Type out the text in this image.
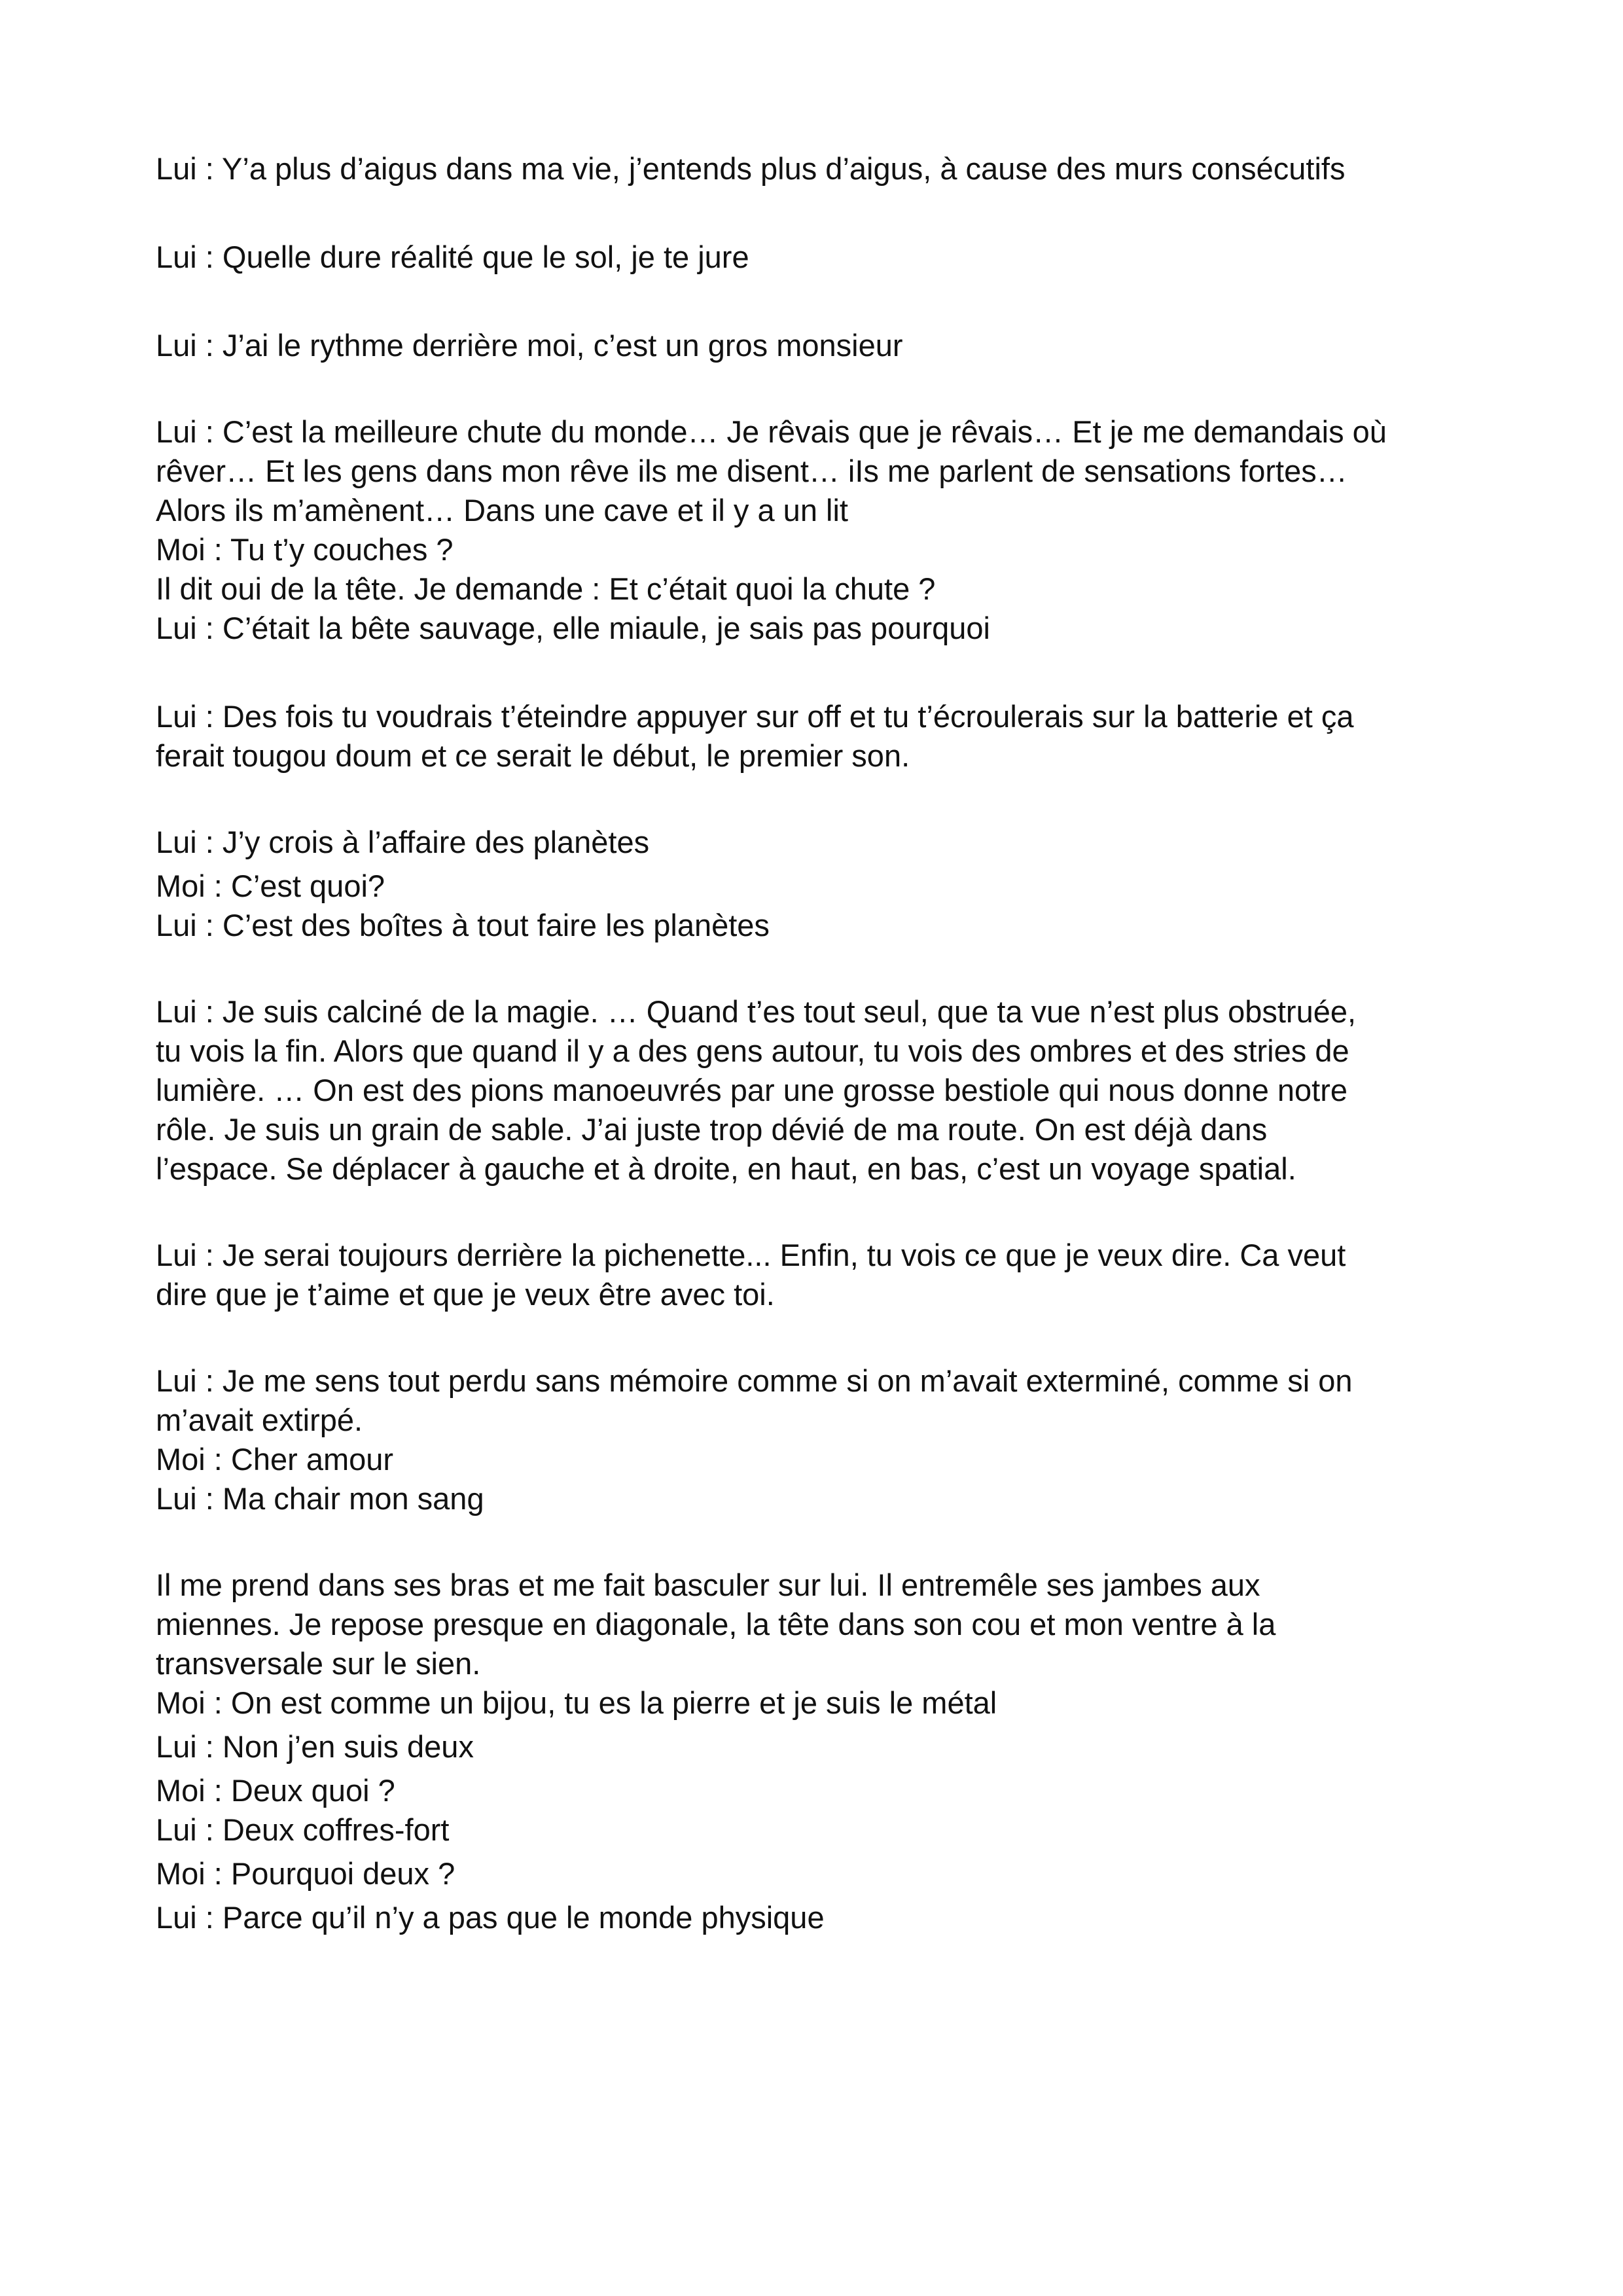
Lui : Y’a plus d’aigus dans ma vie, j’entends plus d’aigus, à cause des murs consécutifs
Lui : Quelle dure réalité que le sol, je te jure
Lui : J’ai le rythme derrière moi, c’est un gros monsieur
Lui : C’est la meilleure chute du monde… Je rêvais que je rêvais… Et je me demandais où
rêver… Et les gens dans mon rêve ils me disent… iIs me parlent de sensations fortes…
Alors ils m’amènent… Dans une cave et il y a un lit
Moi : Tu t’y couches ?
Il dit oui de la tête. Je demande : Et c’était quoi la chute ?
Lui : C’était la bête sauvage, elle miaule, je sais pas pourquoi
Lui : Des fois tu voudrais t’éteindre appuyer sur off et tu t’écroulerais sur la batterie et ça
ferait tougou doum et ce serait le début, le premier son.
Lui : J’y crois à l’affaire des planètes
Moi : C’est quoi?
Lui : C’est des boîtes à tout faire les planètes
Lui : Je suis calciné de la magie. … Quand t’es tout seul, que ta vue n’est plus obstruée,
tu vois la fin. Alors que quand il y a des gens autour, tu vois des ombres et des stries de
lumière. … On est des pions manoeuvrés par une grosse bestiole qui nous donne notre
rôle. Je suis un grain de sable. J’ai juste trop dévié de ma route. On est déjà dans
l’espace. Se déplacer à gauche et à droite, en haut, en bas, c’est un voyage spatial.
Lui : Je serai toujours derrière la pichenette... Enfin, tu vois ce que je veux dire. Ca veut
dire que je t’aime et que je veux être avec toi.
Lui : Je me sens tout perdu sans mémoire comme si on m’avait exterminé, comme si on
m’avait extirpé.
Moi : Cher amour
Lui : Ma chair mon sang
Il me prend dans ses bras et me fait basculer sur lui. Il entremêle ses jambes aux
miennes. Je repose presque en diagonale, la tête dans son cou et mon ventre à la
transversale sur le sien.
Moi : On est comme un bijou, tu es la pierre et je suis le métal
Lui : Non j’en suis deux
Moi : Deux quoi ?
Lui : Deux coffres-fort
Moi : Pourquoi deux ?
Lui : Parce qu’il n’y a pas que le monde physique
